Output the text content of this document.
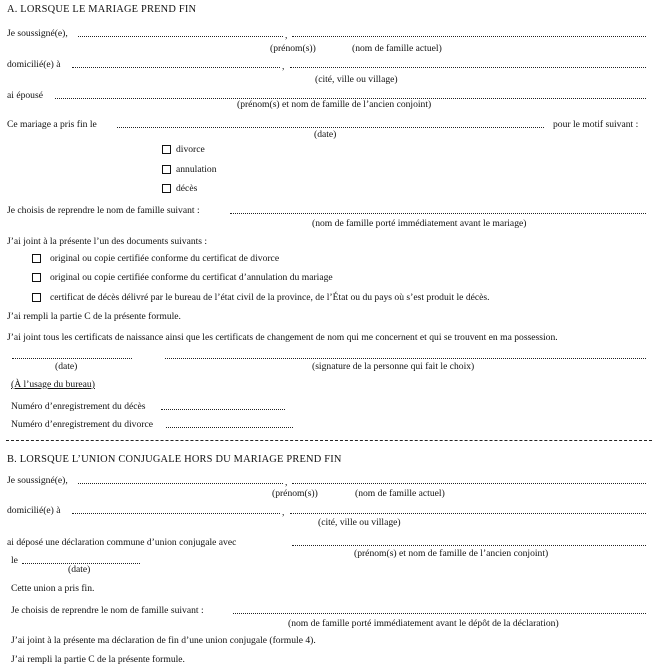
A. LORSQUE LE MARIAGE PREND FIN
Je soussigné(e),	,
(prénom(s))	(nom de famille actuel)
domicilié(e) à	,
(cité, ville ou village)
ai épousé
(prénom(s) et nom de famille de l’ancien conjoint)
Ce mariage a pris fin le	pour le motif suivant :
(date)
divorce
annulation
décès
Je choisis de reprendre le nom de famille suivant :
(nom de famille porté immédiatement avant le mariage)
J’ai joint à la présente l’un des documents suivants :
original ou copie certifiée conforme du certificat de divorce
original ou copie certifiée conforme du certificat d’annulation du mariage
certificat de décès délivré par le bureau de l’état civil de la province, de l’État ou du pays où s’est produit le décès.
J’ai rempli la partie C de la présente formule.
J’ai joint tous les certificats de naissance ainsi que les certificats de changement de nom qui me concernent et qui se trouvent en ma possession.
(date)	(signature de la personne qui fait le choix)
(À l’usage du bureau)
Numéro d’enregistrement du décès
Numéro d’enregistrement du divorce
B. LORSQUE L’UNION CONJUGALE HORS DU MARIAGE PREND FIN
Je soussigné(e),	,
(prénom(s))	(nom de famille actuel)
domicilié(e) à	,
(cité, ville ou village)
ai déposé une déclaration commune d’union conjugale avec
(prénom(s) et nom de famille de l’ancien conjoint)
le
(date)
Cette union a pris fin.
Je choisis de reprendre le nom de famille suivant :
(nom de famille porté immédiatement avant le dépôt de la déclaration)
J’ai joint à la présente ma déclaration de fin d’une union conjugale (formule 4).
J’ai rempli la partie C de la présente formule.
